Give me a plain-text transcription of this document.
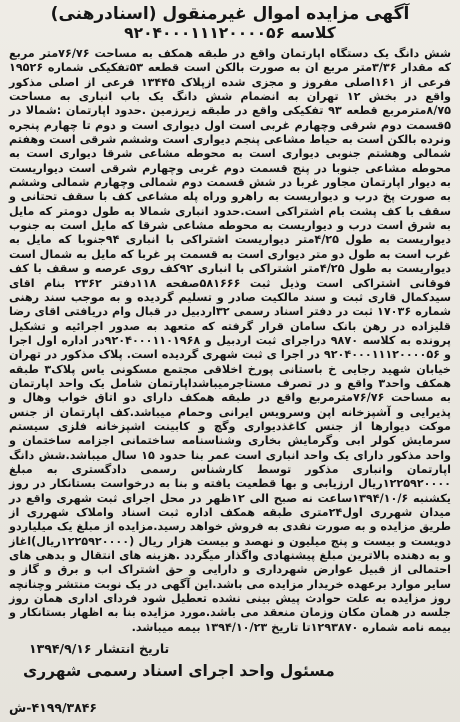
آگهی مزایده اموال غیرمنقول (اسنادرهنی)
کلاسه ۹۲۰۴۰۰۰۱۱۱۲۰۰۰۰۵۶

شش دانگ یک دستگاه اپارتمان واقع در طبقه همکف به مساحت ۷۶/۷۶متر مربع که مقدار ۳/۳۶متر مربع ان به صورت بالکن است قطعه ۵۳تفکیکی شماره ۱۹۵۲۶ فرعی از ۱۶۱اصلی مفروز و مجزی شده ازپلاک ۱۳۴۴۵ فرعی از اصلی مذکور واقع در بخش ۱۲ تهران به انضمام شش دانگ یک باب انباری به مساحت ۸/۷۵مترمربع قطعه ۹۳ تفکیکی واقع در طبقه زیرزمین .حدود اپارتمان :شمالا در ۵قسمت دوم شرقی وچهارم غربی است اول دیواری است و دوم تا چهارم پنجره ونرده بالکن است به حیاط مشاعی پنجم دیواری است وششم شرقی است وهفتم شمالی وهشتم جنوبی دیواری است به محوطه مشاعی شرقا دیواری است به محوطه مشاعی جنوبا در پنج قسمت دوم غربی وچهارم شرقی است دیواریست به دیوار اپارتمان مجاور غربا در شش قسمت دوم شمالی وچهارم شمالی وششم به صورت پخ درب و دیواریست به راهرو وراه پله مشاعی کف با سقف تحتانی و سقف با کف پشت بام اشتراکی است.حدود انباری شمالا به طول دومتر که مایل به شرق است درب و دیواریست به محوطه مشاعی شرقا که مایل است به جنوب دیواریست به طول ۴/۲۵متر دیواریست اشتراکی با انباری ۹۴جنوبا که مایل به غرب است به طول دو متر دیواری است به قسمت پر غربا که مایل به شمال است دیواریست به طول ۴/۲۵متر اشتراکی با انباری ۹۲کف روی عرصه و سقف با کف فوقانی اشتراکی است وذیل ثبت ۵۸۱۶۶۶صفحه ۱۱۸دفتر ۲۳۶۲ بنام اقای سیدکمال قاری ثبت و سند مالکیت صادر و تسلیم گردیده و به موجب سند رهنی شماره ۱۷۰۳۶ ثبت در دفتر اسناد رسمی ۳۲اردبیل در قبال وام دریافتی اقای رضا قلیزاده در رهن بانک سامان قرار گرفته که متعهد به صدور اجرائیه و تشکیل پرونده به کلاسه ۹۸۷۰ دراجرای ثبت اردبیل و ۹۲۰۴۰۰۰۱۱۰۱۹۶۸در اداره اول اجرا و ۹۲۰۴۰۰۰۱۱۱۲۰۰۰۰۵۶ در اجرا ی ثبت شهری گردیده است. پلاک مذکور در تهران خیابان شهید رجایی خ باستانی پورخ اخلاقی مجتمع مسکونی یاس پلاک۳ طبقه همکف واحد۳ واقع و در تصرف مستاجرمیباشداپارتمان شامل یک واحد اپارتمان به مساحت ۷۶/۷۶مترمربع واقع در طبقه همکف دارای دو اتاق خواب وهال و پذیرایی و آشپزخانه اپن وسرویس ایرانی وحمام میباشد.کف اپارتمان از جنس موکت دیوارها از جنس کاغذدیواری وگچ و کابینت اشپزخانه فلزی سیستم سرمایش کولر ابی وگرمایش بخاری وشناسنامه ساختمانی اجزامه ساختمان و واحد مذکور دارای یک واحد انباری است عمر بنا حدود ۱۵ سال میباشد.شش دانگ اپارتمان وانباری مذکور توسط کارشناس رسمی دادگستری به مبلغ ۱۲۲۵۹۲۰۰۰۰ریال ارزیابی و بها قطعیت یافته و بنا به درخواست بستانکار در روز یکشنبه ۱۳۹۴/۱۰/۶ساعت نه صبح الی ۱۲ظهر در محل اجرای ثبت شهری واقع در میدان شهرری اول۲۴متری طبقه همکف اداره ثبت اسناد واملاک شهرری از طریق مزایده و به صورت نقدی به فروش خواهد رسید.مزایده از مبلغ یک میلیاردو دویست و بیست و پنج میلیون و نهصد و بیست هزار ریال (۱۲۲۵۹۲۰۰۰۰ریال)اغاز و به دهنده بالاترین مبلغ پیشنهادی واگذار میگردد .هزینه های انتقال و بدهی های احتمالی از قبیل عوارض شهرداری و دارایی و حق اشتراک اب و برق و گاز و سایر موارد برعهده خریدار مزایده می باشد.این آگهی در یک نوبت منتشر وچنانچه روز مزایده به علت حوادث پیش بینی نشده تعطیل شود فردای اداری همان روز جلسه در همان مکان وزمان منعقد می باشد.مورد مزایده بنا به اظهار بستانکار و بیمه نامه شماره ۱۲۹۳۸۷۰تا تاریخ ۱۳۹۴/۱۰/۲۳ بیمه میباشد.

تاریخ انتشار ۱۳۹۴/۹/۱۶
مسئول واحد اجرای اسناد رسمی شهرری
۴۱۹۹/۳۸۴۶-ش
